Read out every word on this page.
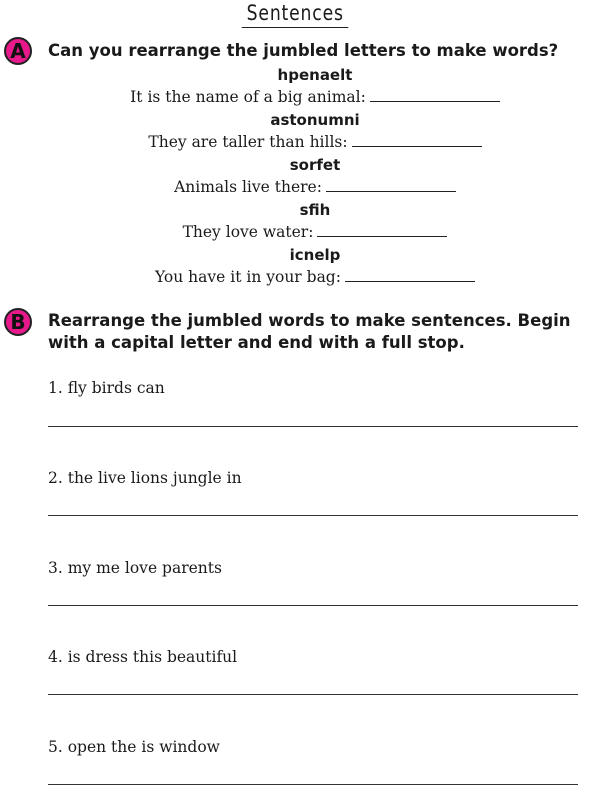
Sentences
A Can you rearrange the jumbled letters to make words?
hpenaelt
It is the name of a big animal:
astonumni
They are taller than hills:
sorfet
Animals live there:
sfih
They love water:
icnelp
You have it in your bag:
B Rearrange the jumbled words to make sentences. Begin
with a capital letter and end with a full stop.
1. fly birds can
2. the live lions jungle in
3. my me love parents
4. is dress this beautiful
5. open the is window
